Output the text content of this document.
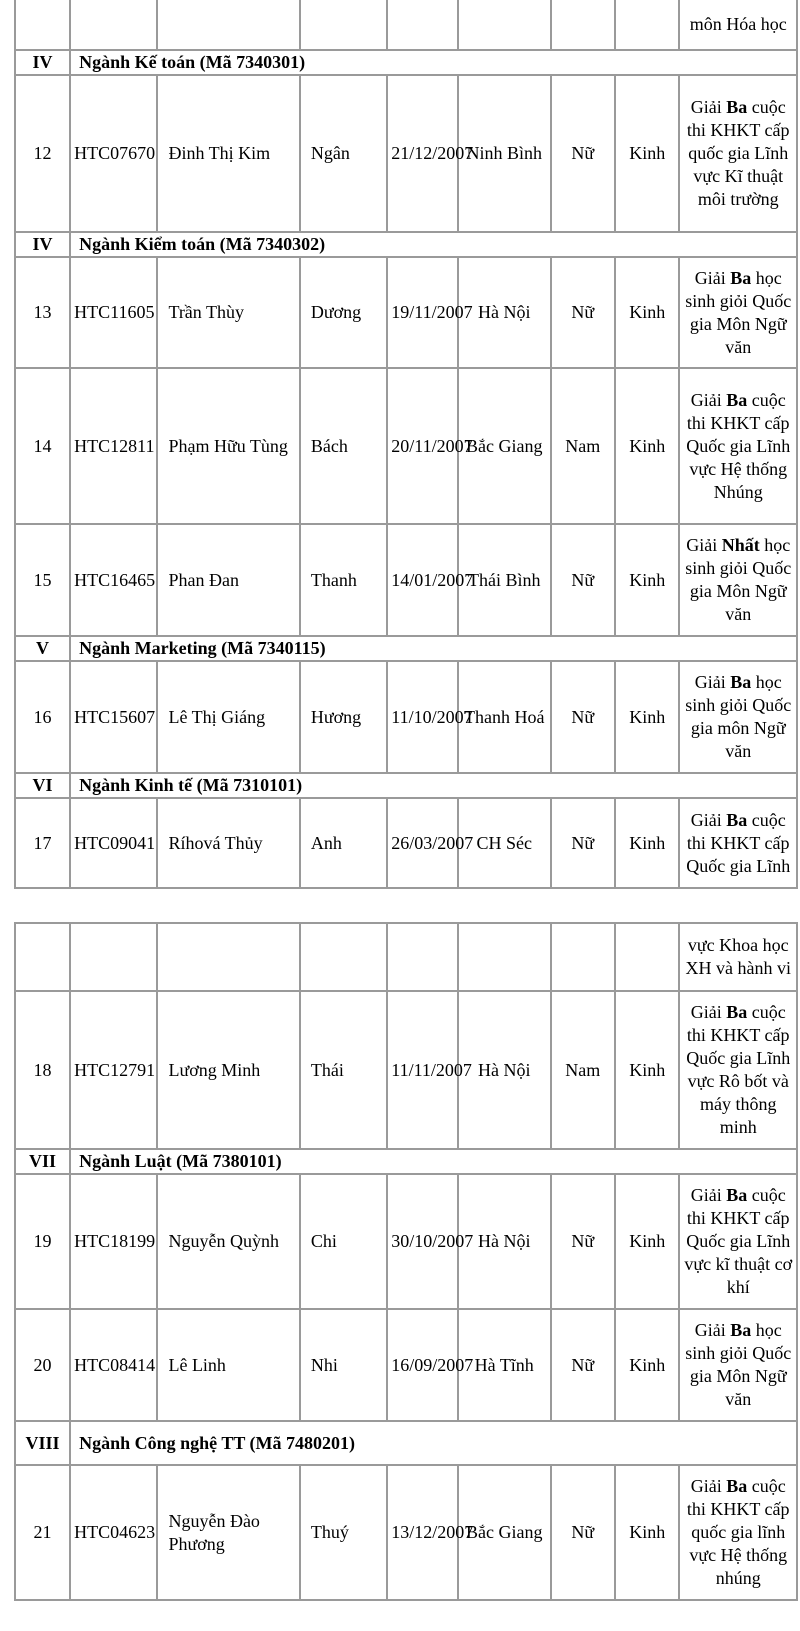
								môn Hóa học
IV	Ngành Kế toán (Mã 7340301)							
12	HTC07670	Đinh Thị Kim	Ngân	21/12/2007	Ninh Bình	Nữ	Kinh	Giải Ba cuộc thi KHKT cấp quốc gia Lĩnh vực Kĩ thuật môi trường
IV	Ngành Kiểm toán (Mã 7340302)							
13	HTC11605	Trần Thùy	Dương	19/11/2007	Hà Nội	Nữ	Kinh	Giải Ba học sinh giỏi Quốc gia Môn Ngữ văn
14	HTC12811	Phạm Hữu Tùng	Bách	20/11/2007	Bắc Giang	Nam	Kinh	Giải Ba cuộc thi KHKT cấp Quốc gia Lĩnh vực Hệ thống Nhúng
15	HTC16465	Phan Đan	Thanh	14/01/2007	Thái Bình	Nữ	Kinh	Giải Nhất học sinh giỏi Quốc gia Môn Ngữ văn
V	Ngành Marketing (Mã 7340115)							
16	HTC15607	Lê Thị Giáng	Hương	11/10/2007	Thanh Hoá	Nữ	Kinh	Giải Ba học sinh giỏi Quốc gia môn Ngữ văn
VI	Ngành Kinh tế (Mã 7310101)							
17	HTC09041	Ríhová Thủy	Anh	26/03/2007	CH Séc	Nữ	Kinh	Giải Ba cuộc thi KHKT cấp Quốc gia Lĩnh
								vực Khoa học XH và hành vi
18	HTC12791	Lương Minh	Thái	11/11/2007	Hà Nội	Nam	Kinh	Giải Ba cuộc thi KHKT cấp Quốc gia Lĩnh vực Rô bốt và máy thông minh
VII	Ngành Luật (Mã 7380101)							
19	HTC18199	Nguyễn Quỳnh	Chi	30/10/2007	Hà Nội	Nữ	Kinh	Giải Ba cuộc thi KHKT cấp Quốc gia Lĩnh vực kĩ thuật cơ khí
20	HTC08414	Lê Linh	Nhi	16/09/2007	Hà Tĩnh	Nữ	Kinh	Giải Ba học sinh giỏi Quốc gia Môn Ngữ văn
VIII	Ngành Công nghệ TT (Mã 7480201)							
21	HTC04623	Nguyễn Đào Phương	Thuý	13/12/2007	Bắc Giang	Nữ	Kinh	Giải Ba cuộc thi KHKT cấp quốc gia lĩnh vực Hệ thống nhúng
